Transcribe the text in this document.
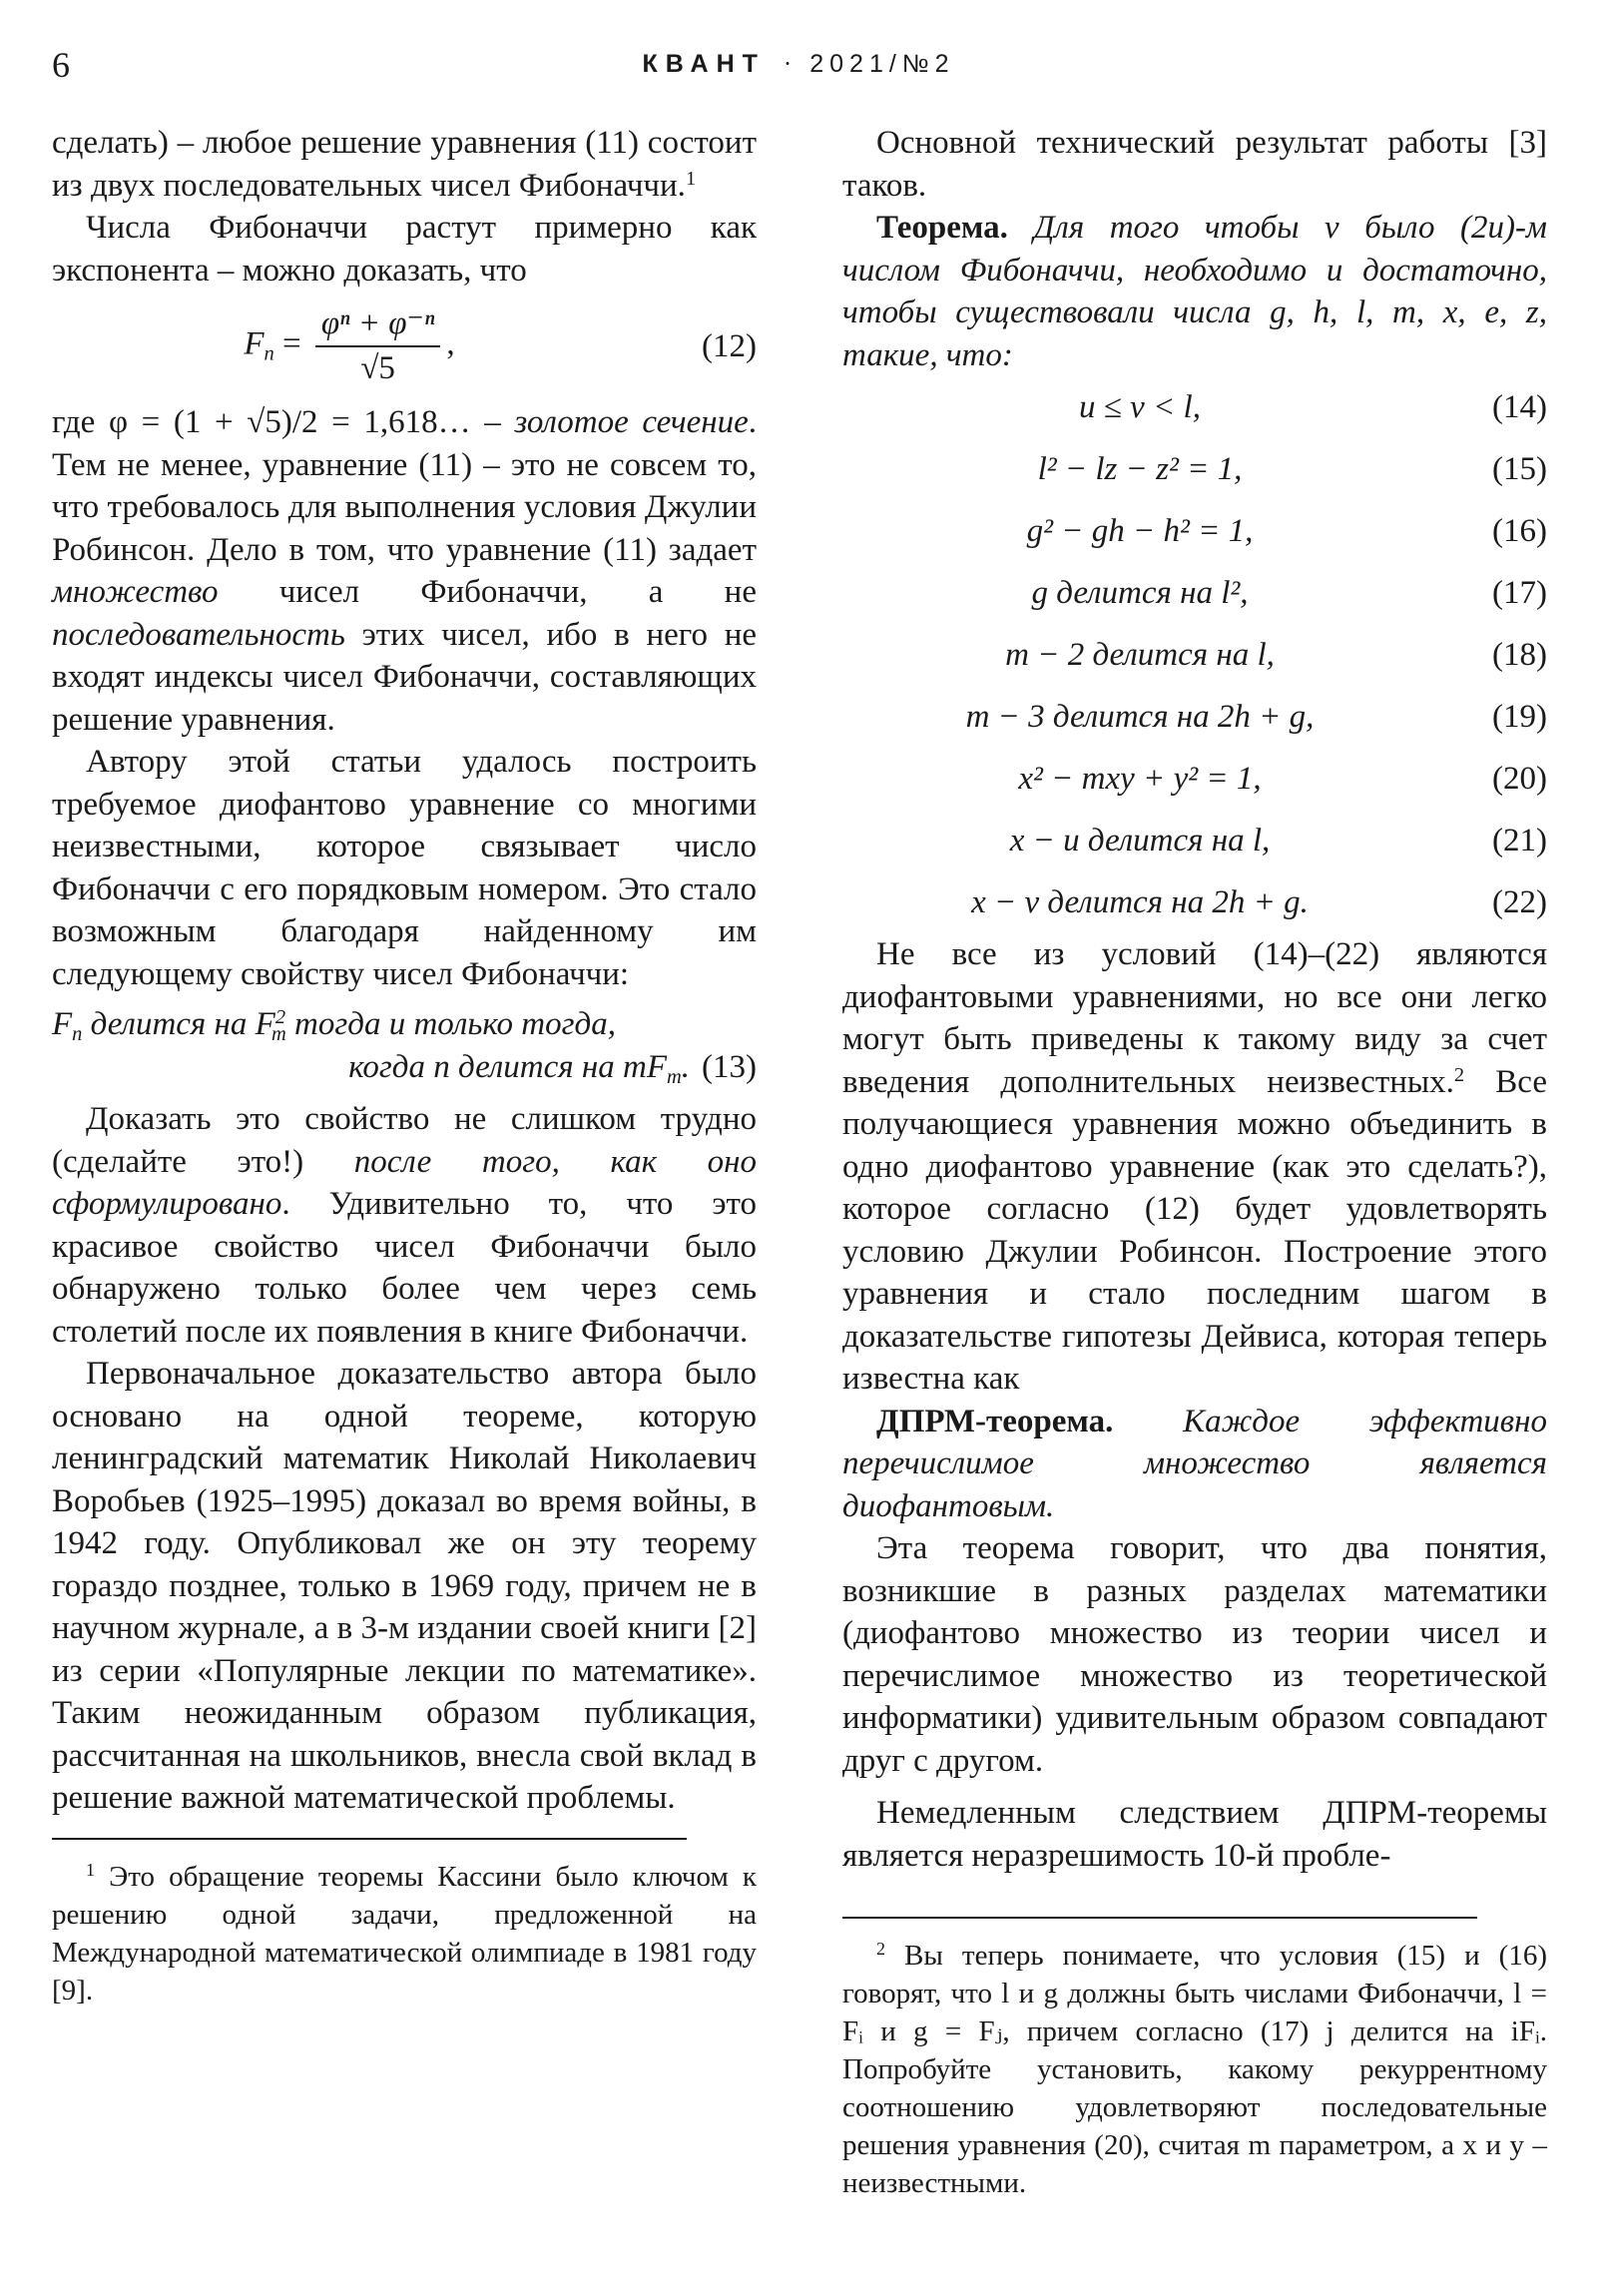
6	КВАНТ · 2021/№2

сделать) – любое решение уравнения (11) состоит из двух последовательных чисел Фибоначчи.$^1$

Числа Фибоначчи растут примерно как экспонента – можно доказать, что

$F_n = \frac{\text{φⁿ + φ⁻ⁿ}}{√5}$ ,	(12)

где φ = (1 + √5)/2 = 1,618… – золотое сечение. Тем не менее, уравнение (11) – это не совсем то, что требовалось для выполнения условия Джулии Робинсон. Дело в том, что уравнение (11) задает множество чисел Фибоначчи, а не последовательность этих чисел, ибо в него не входят индексы чисел Фибоначчи, составляющих решение уравнения.

Автору этой статьи удалось построить требуемое диофантово уравнение со многими неизвестными, которое связывает число Фибоначчи с его порядковым номером. Это стало возможным благодаря найденному им следующему свойству чисел Фибоначчи:

$F_n$ делится на $F^2_m$ тогда и только тогда,
когда n делится на $mF_m$. (13)

Доказать это свойство не слишком трудно (сделайте это!) после того, как оно сформулировано. Удивительно то, что это красивое свойство чисел Фибоначчи было обнаружено только более чем через семь столетий после их появления в книге Фибоначчи.

Первоначальное доказательство автора было основано на одной теореме, которую ленинградский математик Николай Николаевич Воробьев (1925–1995) доказал во время войны, в 1942 году. Опубликовал же он эту теорему гораздо позднее, только в 1969 году, причем не в научном журнале, а в 3-м издании своей книги [2] из серии «Популярные лекции по математике». Таким неожиданным образом публикация, рассчитанная на школьников, внесла свой вклад в решение важной математической проблемы.

$^1$ Это обращение теоремы Кассини было ключом к решению одной задачи, предложенной на Международной математической олимпиаде в 1981 году [9].

Основной технический результат работы [3] таков.

Теорема. Для того чтобы v было (2u)-м числом Фибоначчи, необходимо и достаточно, чтобы существовали числа g, h, l, m, x, e, z, такие, что:

u ≤ v < l,	(14)
l² − lz − z² = 1,	(15)
g² − gh − h² = 1,	(16)
g делится на l²,	(17)
m − 2 делится на l,	(18)
m − 3 делится на 2h + g,	(19)
x² − mxy + y² = 1,	(20)
x − u делится на l,	(21)
x − v делится на 2h + g.	(22)

Не все из условий (14)–(22) являются диофантовыми уравнениями, но все они легко могут быть приведены к такому виду за счет введения дополнительных неизвестных.$^2$ Все получающиеся уравнения можно объединить в одно диофантово уравнение (как это сделать?), которое согласно (12) будет удовлетворять условию Джулии Робинсон. Построение этого уравнения и стало последним шагом в доказательстве гипотезы Дейвиса, которая теперь известна как

ДПРМ-теорема. Каждое эффективно перечислимое множество является диофантовым.

Эта теорема говорит, что два понятия, возникшие в разных разделах математики (диофантово множество из теории чисел и перечислимое множество из теоретической информатики) удивительным образом совпадают друг с другом.

Немедленным следствием ДПРМ-теоремы является неразрешимость 10-й пробле-

$^2$ Вы теперь понимаете, что условия (15) и (16) говорят, что l и g должны быть числами Фибоначчи, l = Fᵢ и g = Fⱼ, причем согласно (17) j делится на iFᵢ. Попробуйте установить, какому рекуррентному соотношению удовлетворяют последовательные решения уравнения (20), считая m параметром, а x и y – неизвестными.
